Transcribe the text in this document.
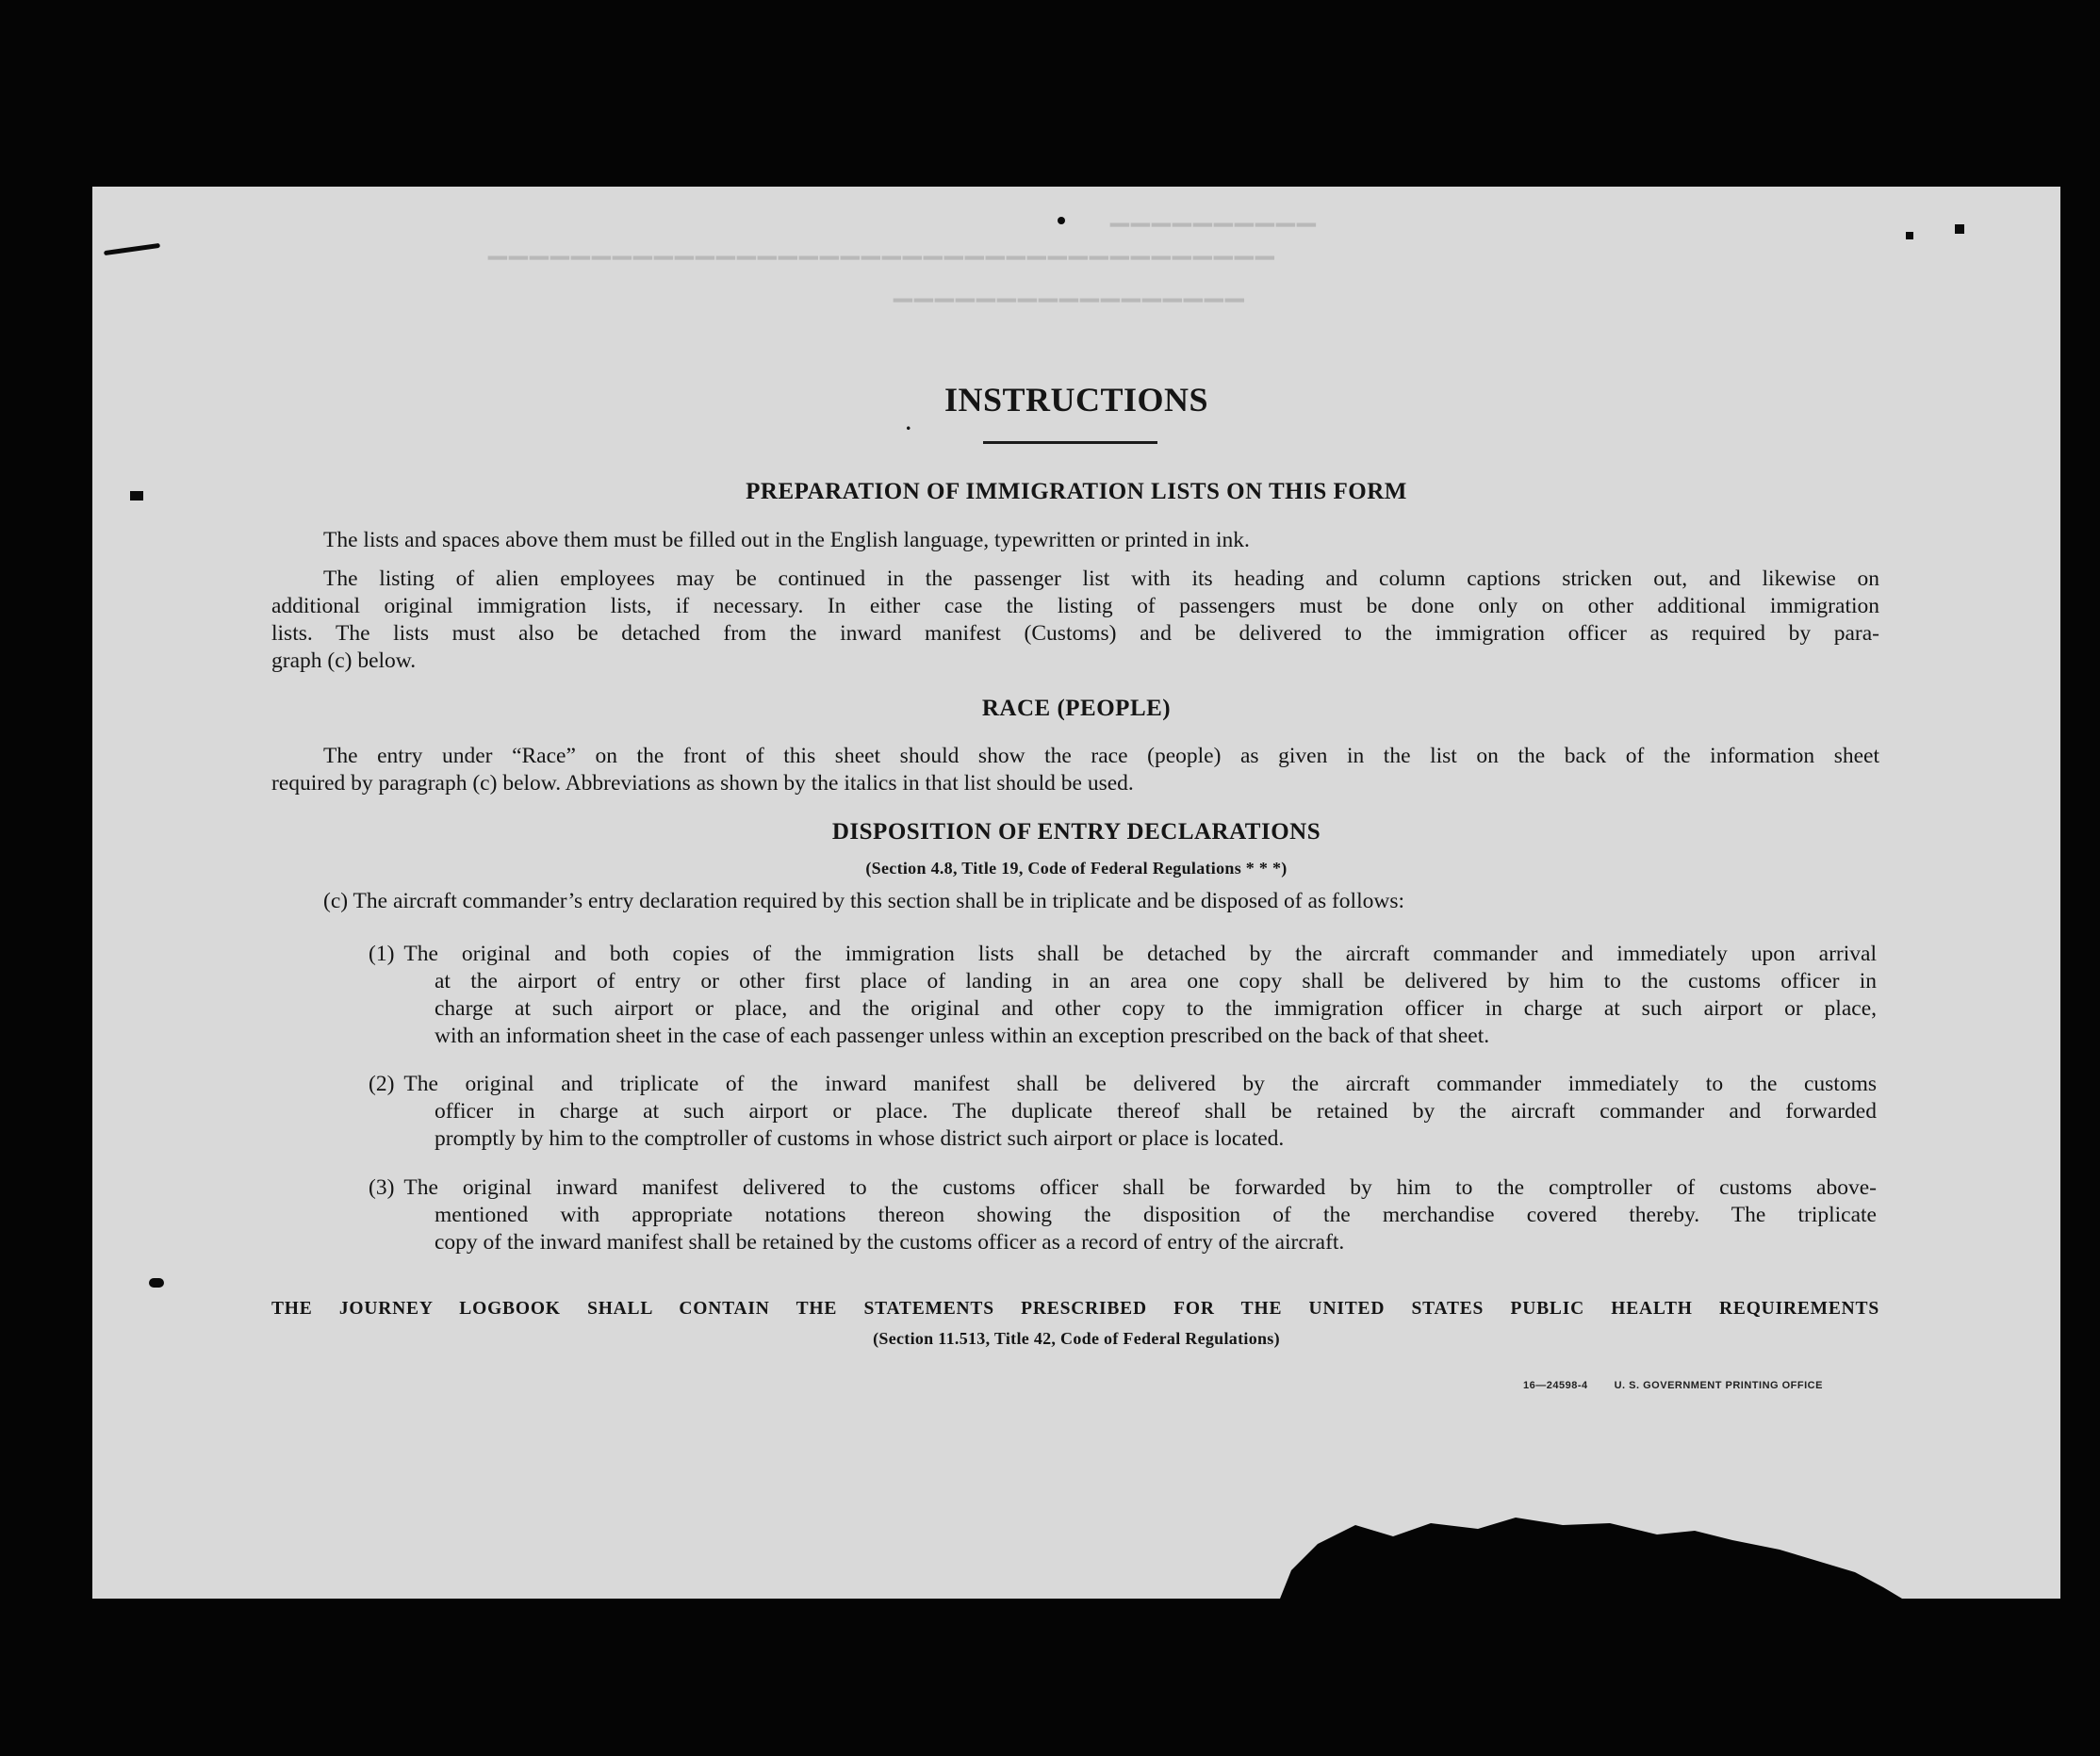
▔▔▔▔▔▔▔▔▔▔
▔▔▔▔▔▔▔▔▔▔▔▔▔▔▔▔▔▔▔▔▔▔▔▔▔▔▔▔▔▔▔▔▔▔▔▔▔▔
▔▔▔▔▔▔▔▔▔▔▔▔▔▔▔▔▔
INSTRUCTIONS
.
PREPARATION OF IMMIGRATION LISTS ON THIS FORM
The lists and spaces above them must be filled out in the English language, typewritten or printed in ink.
The listing of alien employees may be continued in the passenger list with its heading and column captions stricken out, and likewise on
additional original immigration lists, if necessary. In either case the listing of passengers must be done only on other additional immigration
lists. The lists must also be detached from the inward manifest (Customs) and be delivered to the immigration officer as required by para-
graph (c) below.
RACE (PEOPLE)
The entry under “Race” on the front of this sheet should show the race (people) as given in the list on the back of the information sheet
required by paragraph (c) below. Abbreviations as shown by the italics in that list should be used.
DISPOSITION OF ENTRY DECLARATIONS
(Section 4.8, Title 19, Code of Federal Regulations * * *)
(c) The aircraft commander’s entry declaration required by this section shall be in triplicate and be disposed of as follows:
(1) The original and both copies of the immigration lists shall be detached by the aircraft commander and immediately upon arrival
at the airport of entry or other first place of landing in an area one copy shall be delivered by him to the customs officer in
charge at such airport or place, and the original and other copy to the immigration officer in charge at such airport or place,
with an information sheet in the case of each passenger unless within an exception prescribed on the back of that sheet.
(2) The original and triplicate of the inward manifest shall be delivered by the aircraft commander immediately to the customs
officer in charge at such airport or place. The duplicate thereof shall be retained by the aircraft commander and forwarded
promptly by him to the comptroller of customs in whose district such airport or place is located.
(3) The original inward manifest delivered to the customs officer shall be forwarded by him to the comptroller of customs above-
mentioned with appropriate notations thereon showing the disposition of the merchandise covered thereby. The triplicate
copy of the inward manifest shall be retained by the customs officer as a record of entry of the aircraft.
THE JOURNEY LOGBOOK SHALL CONTAIN THE STATEMENTS PRESCRIBED FOR THE UNITED STATES PUBLIC HEALTH REQUIREMENTS
(Section 11.513, Title 42, Code of Federal Regulations)
16—24598-4	U. S. GOVERNMENT PRINTING OFFICE
